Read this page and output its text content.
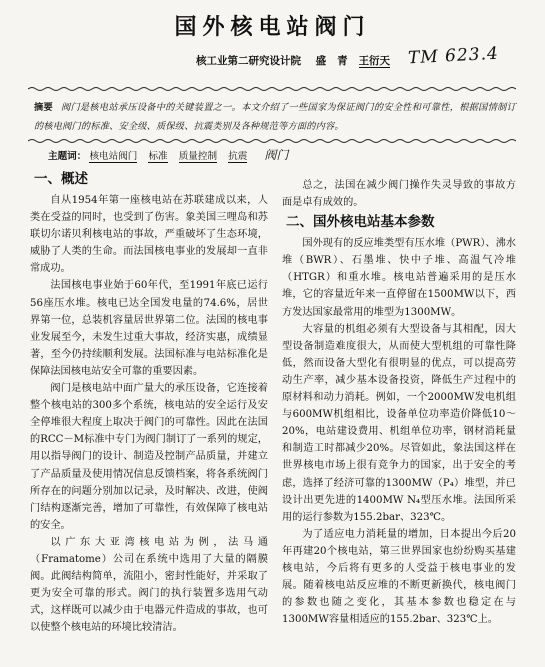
国外核电站阀门
核工业第二研究设计院 盛 青 王衍天 TM 623.4
摘要 阀门是核电站承压设备中的关键装置之一。本文介绍了一些国家为保证阀门的安全性和可靠性，根据国情制订的核电阀门的标准、安全级、质保级、抗震类别及各种规范等方面的内容。
主题词： 核电站阀门 标准 质量控制 抗震 阀门
一、概述

自从1954年第一座核电站在苏联建成以来，人类在受益的同时，也受到了伤害。象美国三哩岛和苏联切尔诺贝利核电站的事故，严重破坏了生态环境，威胁了人类的生命。而法国核电事业的发展却一直非常成功。

法国核电事业始于60年代，至1991年底已运行56座压水堆。核电已达全国发电量的74.6%，居世界第一位，总装机容量居世界第二位。法国的核电事业发展至今，未发生过重大事故，经济实惠，成绩显著，至今仍持续顺利发展。法国标准与电站标准化是保障法国核电站安全可靠的重要因素。

阀门是核电站中面广量大的承压设备，它连接着整个核电站的300多个系统，核电站的安全运行及安全停堆很大程度上取决于阀门的可靠性。因此在法国的RCC－M标准中专门为阀门制订了一系列的规定，用以指导阀门的设计、制造及控制产品质量，并建立了产品质量及使用情况信息反馈档案，将各系统阀门所存在的问题分别加以记录，及时解决、改进，使阀门结构逐渐完善，增加了可靠性，有效保障了核电站的安全。

以广东大亚湾核电站为例，法马通（Framatome）公司在系统中选用了大量的隔膜阀。此阀结构简单，流阻小，密封性能好，并采取了更为安全可靠的形式。阀门的执行装置多选用气动式，这样既可以减少由于电器元件造成的事故，也可以使整个核电站的环境比较清洁。

总之，法国在减少阀门操作失灵导致的事故方面是卓有成效的。

二、国外核电站基本参数

国外现有的反应堆类型有压水堆（PWR）、沸水堆（BWR）、石墨堆、快中子堆、高温气冷堆（HTGR）和重水堆。核电站普遍采用的是压水堆，它的容量近年来一直停留在1500MW以下，西方发达国家最常用的堆型为1300MW。

大容量的机组必须有大型设备与其相配，因大型设备制造难度很大，从而使大型机组的可靠性降低，然而设备大型化有很明显的优点，可以提高劳动生产率，减少基本设备投资，降低生产过程中的原材料和动力消耗。例如，一个2000MW发电机组与600MW机组相比，设备单位功率造价降低10～20%，电站建设费用、机组单位功率，钢材消耗量和制造工时都减少20%。尽管如此，象法国这样在世界核电市场上很有竞争力的国家，出于安全的考虑，选择了经济可靠的1300MW（P₄）堆型，并已设计出更先进的1400MW N₄型压水堆。法国所采用的运行参数为155.2bar、323℃。

为了适应电力消耗量的增加，日本提出今后20年再建20个核电站，第三世界国家也纷纷购买基建核电站，今后将有更多的人受益于核电事业的发展。随着核电站反应堆的不断更新换代，核电阀门的参数也随之变化，其基本参数也稳定在与1300MW容量相适应的155.2bar、323℃上。
